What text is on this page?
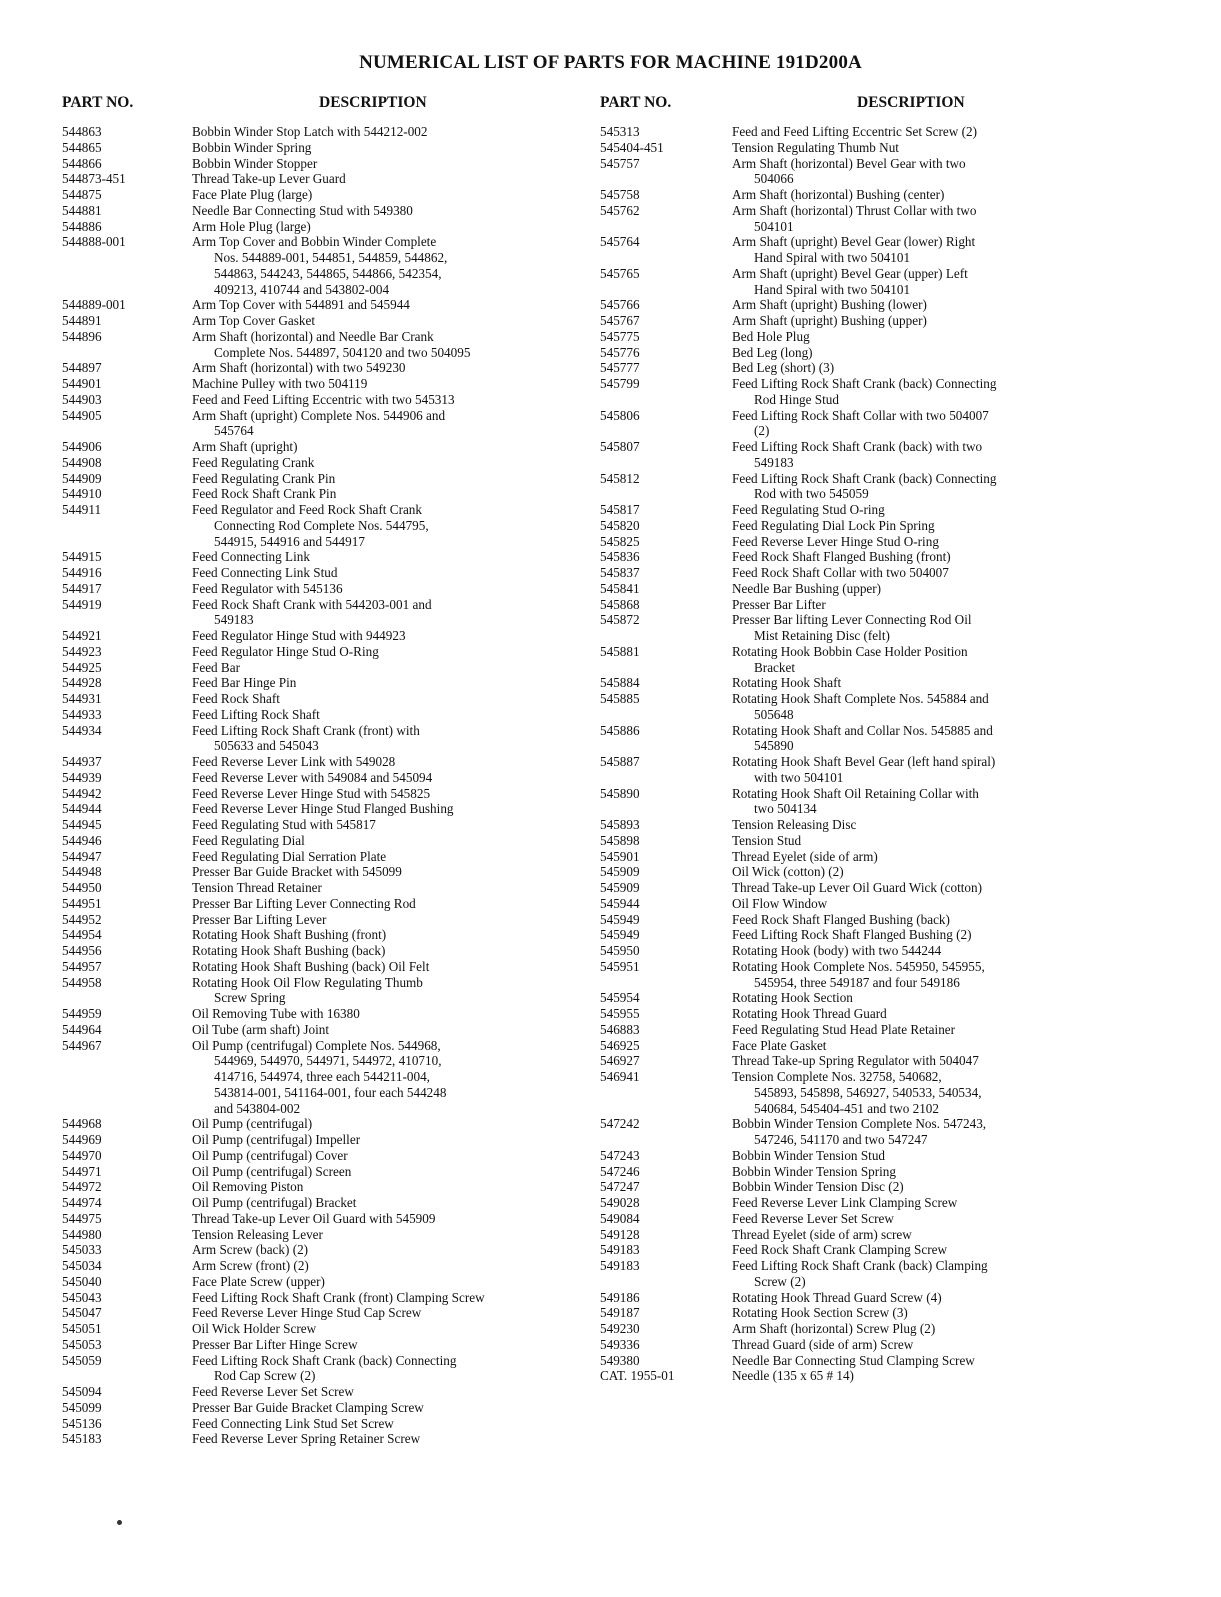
NUMERICAL LIST OF PARTS FOR MACHINE 191D200A
PART NO.	DESCRIPTION
544863	Bobbin Winder Stop Latch with 544212-002
544865	Bobbin Winder Spring
544866	Bobbin Winder Stopper
544873-451	Thread Take-up Lever Guard
544875	Face Plate Plug (large)
544881	Needle Bar Connecting Stud with 549380
544886	Arm Hole Plug (large)
544888-001	Arm Top Cover and Bobbin Winder Complete
Nos. 544889-001, 544851, 544859, 544862,
544863, 544243, 544865, 544866, 542354,
409213, 410744 and 543802-004
544889-001	Arm Top Cover with 544891 and 545944
544891	Arm Top Cover Gasket
544896	Arm Shaft (horizontal) and Needle Bar Crank
Complete Nos. 544897, 504120 and two 504095
544897	Arm Shaft (horizontal) with two 549230
544901	Machine Pulley with two 504119
544903	Feed and Feed Lifting Eccentric with two 545313
544905	Arm Shaft (upright) Complete Nos. 544906 and
545764
544906	Arm Shaft (upright)
544908	Feed Regulating Crank
544909	Feed Regulating Crank Pin
544910	Feed Rock Shaft Crank Pin
544911	Feed Regulator and Feed Rock Shaft Crank
Connecting Rod Complete Nos. 544795,
544915, 544916 and 544917
544915	Feed Connecting Link
544916	Feed Connecting Link Stud
544917	Feed Regulator with 545136
544919	Feed Rock Shaft Crank with 544203-001 and
549183
544921	Feed Regulator Hinge Stud with 944923
544923	Feed Regulator Hinge Stud O-Ring
544925	Feed Bar
544928	Feed Bar Hinge Pin
544931	Feed Rock Shaft
544933	Feed Lifting Rock Shaft
544934	Feed Lifting Rock Shaft Crank (front) with
505633 and 545043
544937	Feed Reverse Lever Link with 549028
544939	Feed Reverse Lever with 549084 and 545094
544942	Feed Reverse Lever Hinge Stud with 545825
544944	Feed Reverse Lever Hinge Stud Flanged Bushing
544945	Feed Regulating Stud with 545817
544946	Feed Regulating Dial
544947	Feed Regulating Dial Serration Plate
544948	Presser Bar Guide Bracket with 545099
544950	Tension Thread Retainer
544951	Presser Bar Lifting Lever Connecting Rod
544952	Presser Bar Lifting Lever
544954	Rotating Hook Shaft Bushing (front)
544956	Rotating Hook Shaft Bushing (back)
544957	Rotating Hook Shaft Bushing (back) Oil Felt
544958	Rotating Hook Oil Flow Regulating Thumb
Screw Spring
544959	Oil Removing Tube with 16380
544964	Oil Tube (arm shaft) Joint
544967	Oil Pump (centrifugal) Complete Nos. 544968,
544969, 544970, 544971, 544972, 410710,
414716, 544974, three each 544211-004,
543814-001, 541164-001, four each 544248
and 543804-002
544968	Oil Pump (centrifugal)
544969	Oil Pump (centrifugal) Impeller
544970	Oil Pump (centrifugal) Cover
544971	Oil Pump (centrifugal) Screen
544972	Oil Removing Piston
544974	Oil Pump (centrifugal) Bracket
544975	Thread Take-up Lever Oil Guard with 545909
544980	Tension Releasing Lever
545033	Arm Screw (back) (2)
545034	Arm Screw (front) (2)
545040	Face Plate Screw (upper)
545043	Feed Lifting Rock Shaft Crank (front) Clamping Screw
545047	Feed Reverse Lever Hinge Stud Cap Screw
545051	Oil Wick Holder Screw
545053	Presser Bar Lifter Hinge Screw
545059	Feed Lifting Rock Shaft Crank (back) Connecting
Rod Cap Screw (2)
545094	Feed Reverse Lever Set Screw
545099	Presser Bar Guide Bracket Clamping Screw
545136	Feed Connecting Link Stud Set Screw
545183	Feed Reverse Lever Spring Retainer Screw
PART NO.	DESCRIPTION
545313	Feed and Feed Lifting Eccentric Set Screw (2)
545404-451	Tension Regulating Thumb Nut
545757	Arm Shaft (horizontal) Bevel Gear with two
504066
545758	Arm Shaft (horizontal) Bushing (center)
545762	Arm Shaft (horizontal) Thrust Collar with two
504101
545764	Arm Shaft (upright) Bevel Gear (lower) Right
Hand Spiral with two 504101
545765	Arm Shaft (upright) Bevel Gear (upper) Left
Hand Spiral with two 504101
545766	Arm Shaft (upright) Bushing (lower)
545767	Arm Shaft (upright) Bushing (upper)
545775	Bed Hole Plug
545776	Bed Leg (long)
545777	Bed Leg (short) (3)
545799	Feed Lifting Rock Shaft Crank (back) Connecting
Rod Hinge Stud
545806	Feed Lifting Rock Shaft Collar with two 504007
(2)
545807	Feed Lifting Rock Shaft Crank (back) with two
549183
545812	Feed Lifting Rock Shaft Crank (back) Connecting
Rod with two 545059
545817	Feed Regulating Stud O-ring
545820	Feed Regulating Dial Lock Pin Spring
545825	Feed Reverse Lever Hinge Stud O-ring
545836	Feed Rock Shaft Flanged Bushing (front)
545837	Feed Rock Shaft Collar with two 504007
545841	Needle Bar Bushing (upper)
545868	Presser Bar Lifter
545872	Presser Bar lifting Lever Connecting Rod Oil
Mist Retaining Disc (felt)
545881	Rotating Hook Bobbin Case Holder Position
Bracket
545884	Rotating Hook Shaft
545885	Rotating Hook Shaft Complete Nos. 545884 and
505648
545886	Rotating Hook Shaft and Collar Nos. 545885 and
545890
545887	Rotating Hook Shaft Bevel Gear (left hand spiral)
with two 504101
545890	Rotating Hook Shaft Oil Retaining Collar with
two 504134
545893	Tension Releasing Disc
545898	Tension Stud
545901	Thread Eyelet (side of arm)
545909	Oil Wick (cotton) (2)
545909	Thread Take-up Lever Oil Guard Wick (cotton)
545944	Oil Flow Window
545949	Feed Rock Shaft Flanged Bushing (back)
545949	Feed Lifting Rock Shaft Flanged Bushing (2)
545950	Rotating Hook (body) with two 544244
545951	Rotating Hook Complete Nos. 545950, 545955,
545954, three 549187 and four 549186
545954	Rotating Hook Section
545955	Rotating Hook Thread Guard
546883	Feed Regulating Stud Head Plate Retainer
546925	Face Plate Gasket
546927	Thread Take-up Spring Regulator with 504047
546941	Tension Complete Nos. 32758, 540682,
545893, 545898, 546927, 540533, 540534,
540684, 545404-451 and two 2102
547242	Bobbin Winder Tension Complete Nos. 547243,
547246, 541170 and two 547247
547243	Bobbin Winder Tension Stud
547246	Bobbin Winder Tension Spring
547247	Bobbin Winder Tension Disc (2)
549028	Feed Reverse Lever Link Clamping Screw
549084	Feed Reverse Lever Set Screw
549128	Thread Eyelet (side of arm) screw
549183	Feed Rock Shaft Crank Clamping Screw
549183	Feed Lifting Rock Shaft Crank (back) Clamping
Screw (2)
549186	Rotating Hook Thread Guard Screw (4)
549187	Rotating Hook Section Screw (3)
549230	Arm Shaft (horizontal) Screw Plug (2)
549336	Thread Guard (side of arm) Screw
549380	Needle Bar Connecting Stud Clamping Screw
CAT. 1955-01	Needle (135 x 65 # 14)
